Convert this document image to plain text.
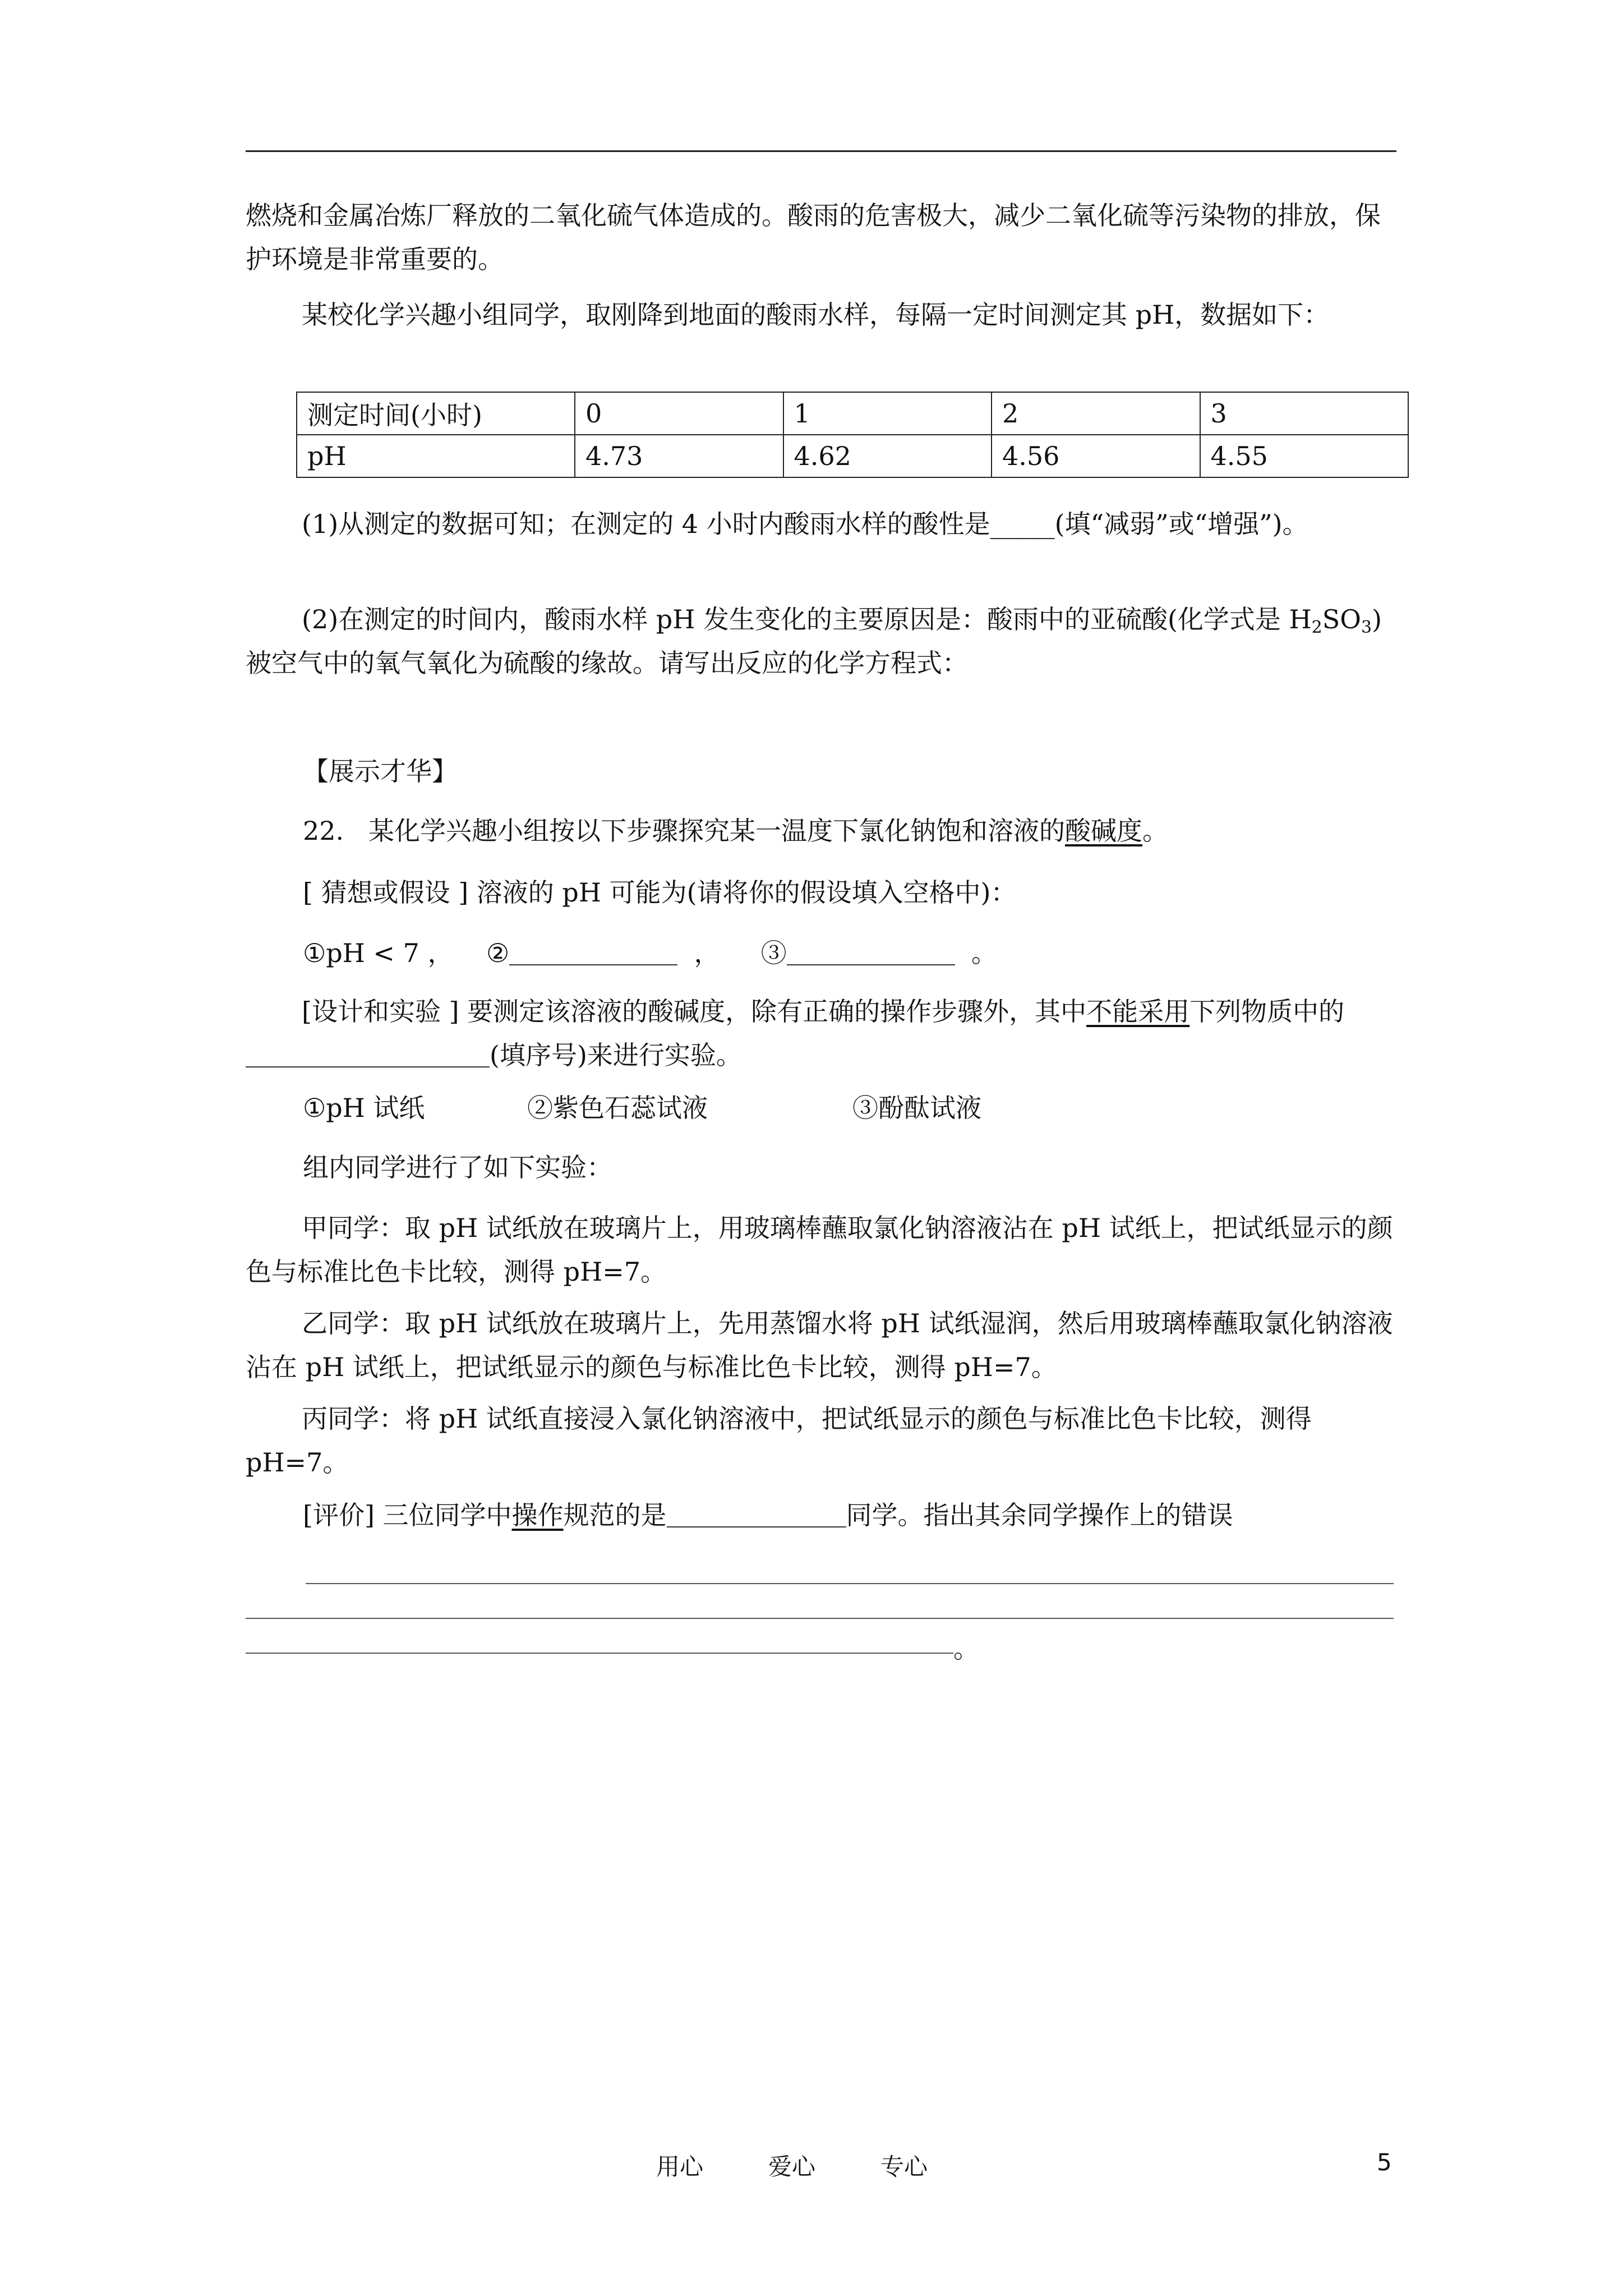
燃烧和金属冶炼厂释放的二氧化硫气体造成的。酸雨的危害极大，减少二氧化硫等污染物的排放，保护环境是非常重要的。
某校化学兴趣小组同学，取刚降到地面的酸雨水样，每隔一定时间测定其 pH，数据如下：
测定时间(小时)	0	1	2	3
pH	4.73	4.62	4.56	4.55
(1)从测定的数据可知；在测定的 4 小时内酸雨水样的酸性是_____(填“减弱”或“增强”)。
(2)在测定的时间内，酸雨水样 pH 发生变化的主要原因是：酸雨中的亚硫酸(化学式是 $H_2SO_3$)被空气中的氧气氧化为硫酸的缘故。请写出反应的化学方程式：
【展示才华】
22. 某化学兴趣小组按以下步骤探究某一温度下氯化钠饱和溶液的酸碱度。
[ 猜想或假设 ] 溶液的 pH 可能为(请将你的假设填入空格中)：
①pH < 7 ， ②	， ③	。
[设计和实验 ] 要测定该溶液的酸碱度，除有正确的操作步骤外，其中不能采用下列物质中的(填序号)来进行实验。
①pH 试纸	②紫色石蕊试液	③酚酞试液
组内同学进行了如下实验：
甲同学：取 pH 试纸放在玻璃片上，用玻璃棒蘸取氯化钠溶液沾在 pH 试纸上，把试纸显示的颜色与标准比色卡比较，测得 pH=7。
乙同学：取 pH 试纸放在玻璃片上，先用蒸馏水将 pH 试纸湿润，然后用玻璃棒蘸取氯化钠溶液沾在 pH 试纸上，把试纸显示的颜色与标准比色卡比较，测得 pH=7。
丙同学：将 pH 试纸直接浸入氯化钠溶液中，把试纸显示的颜色与标准比色卡比较，测得 pH=7。
[评价] 三位同学中操作规范的是	同学。指出其余同学操作上的错误
。
用心	爱心	专心	5
